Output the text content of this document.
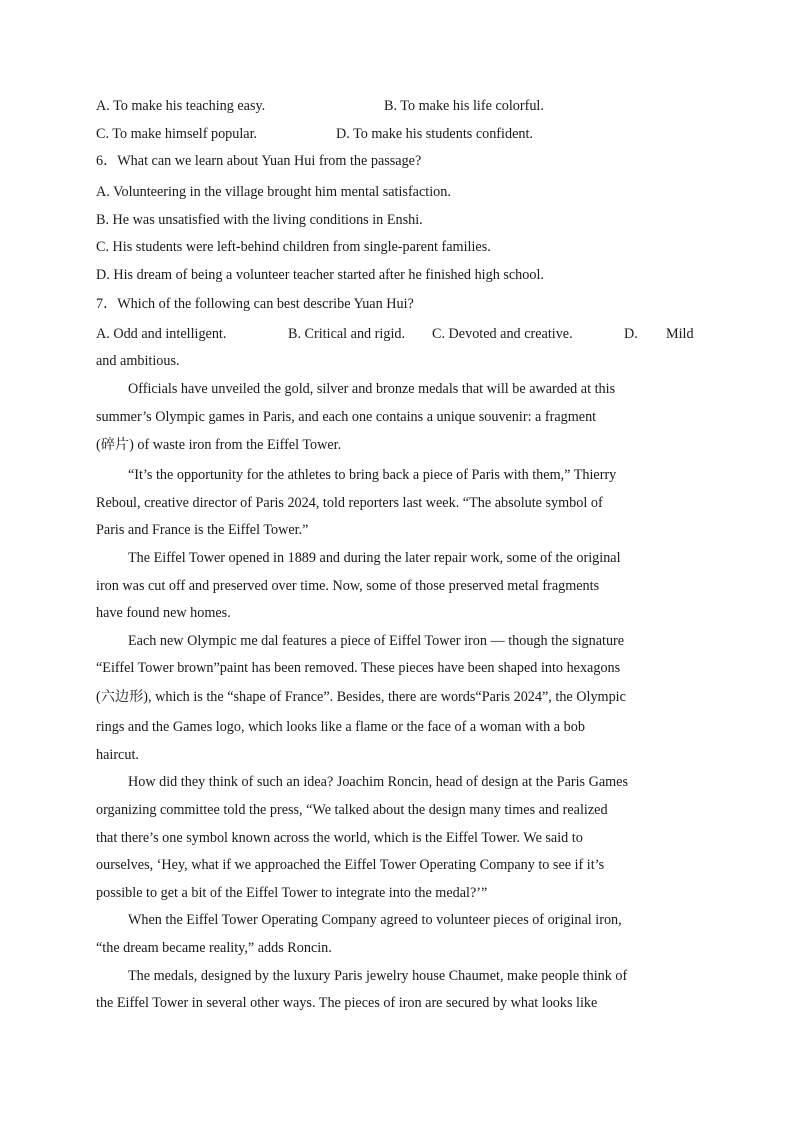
A. To make his teaching easy.	B. To make his life colorful.
C. To make himself popular.	D. To make his students confident.
6．What can we learn about Yuan Hui from the passage?
A. Volunteering in the village brought him mental satisfaction.
B. He was unsatisfied with the living conditions in Enshi.
C. His students were left-behind children from single-parent families.
D. His dream of being a volunteer teacher started after he finished high school.
7．Which of the following can best describe Yuan Hui?
A. Odd and intelligent.	B. Critical and rigid. C. Devoted and creative.	D. Mild
and ambitious.
Officials have unveiled the gold, silver and bronze medals that will be awarded at this
summer’s Olympic games in Paris, and each one contains a unique souvenir: a fragment
(碎片) of waste iron from the Eiffel Tower.
“It’s the opportunity for the athletes to bring back a piece of Paris with them,” Thierry
Reboul, creative director of Paris 2024, told reporters last week. “The absolute symbol of
Paris and France is the Eiffel Tower.”
The Eiffel Tower opened in 1889 and during the later repair work, some of the original
iron was cut off and preserved over time. Now, some of those preserved metal fragments
have found new homes.
Each new Olympic me dal features a piece of Eiffel Tower iron — though the signature
“Eiffel Tower brown”paint has been removed. These pieces have been shaped into hexagons
(六边形), which is the “shape of France”. Besides, there are words“Paris 2024”, the Olympic
rings and the Games logo, which looks like a flame or the face of a woman with a bob
haircut.
How did they think of such an idea? Joachim Roncin, head of design at the Paris Games
organizing committee told the press, “We talked about the design many times and realized
that there’s one symbol known across the world, which is the Eiffel Tower. We said to
ourselves, ‘Hey, what if we approached the Eiffel Tower Operating Company to see if it’s
possible to get a bit of the Eiffel Tower to integrate into the medal?’”
When the Eiffel Tower Operating Company agreed to volunteer pieces of original iron,
“the dream became reality,” adds Roncin.
The medals, designed by the luxury Paris jewelry house Chaumet, make people think of
the Eiffel Tower in several other ways. The pieces of iron are secured by what looks like
